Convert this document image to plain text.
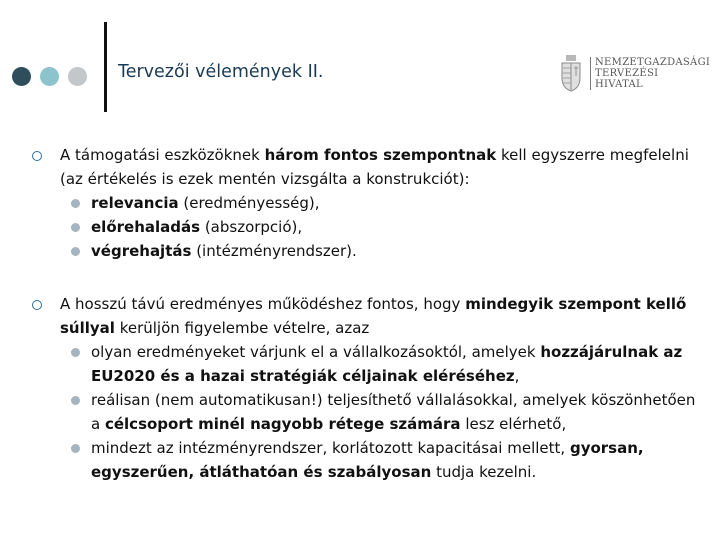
Tervezői vélemények II.	NEMZETGAZDASÁGI
TERVEZÉSI
HIVATAL
A támogatási eszközöknek három fontos szempontnak kell egyszerre megfelelni (az értékelés is ezek mentén vizsgálta a konstrukciót):
relevancia (eredményesség),
előrehaladás (abszorpció),
végrehajtás (intézményrendszer).
A hosszú távú eredményes működéshez fontos, hogy mindegyik szempont kellő súllyal kerüljön figyelembe vételre, azaz
olyan eredményeket várjunk el a vállalkozásoktól, amelyek hozzájárulnak az EU2020 és a hazai stratégiák céljainak eléréséhez,
reálisan (nem automatikusan!) teljesíthető vállalásokkal, amelyek köszönhetően a célcsoport minél nagyobb rétege számára lesz elérhető,
mindezt az intézményrendszer, korlátozott kapacitásai mellett, gyorsan, egyszerűen, átláthatóan és szabályosan tudja kezelni.
